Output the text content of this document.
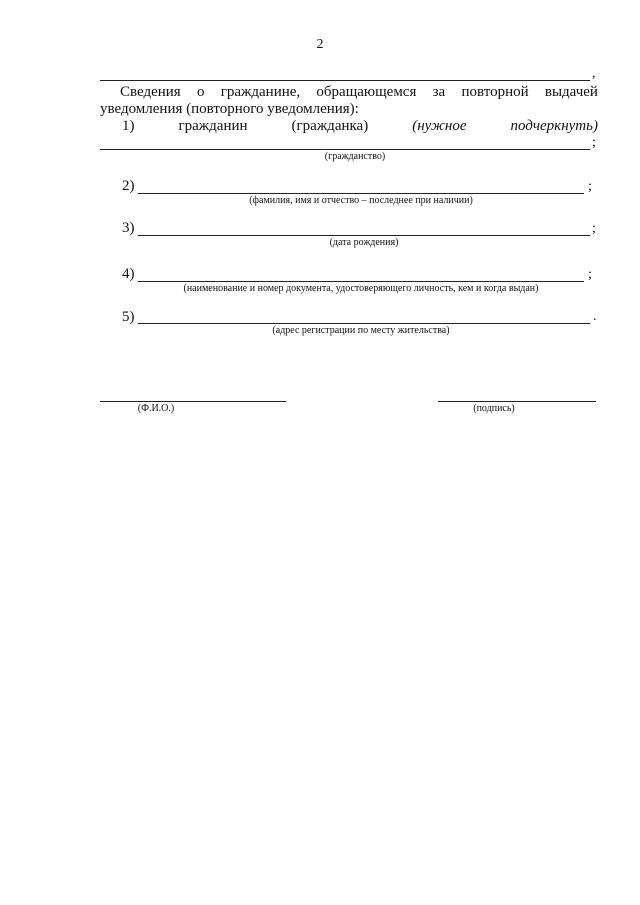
2
,
Сведения о гражданине, обращающемся за повторной выдачей
уведомления (повторного уведомления):
1)	гражданин	(гражданка)	(нужное	подчеркнуть)
;
(гражданство)
2)	;
(фамилия, имя и отчество – последнее при наличии)
3)	;
(дата рождения)
4)	;
(наименование и номер документа, удостоверяющего личность, кем и когда выдан)
5)	.
(адрес регистрации по месту жительства)
(Ф.И.О.)	(подпись)
